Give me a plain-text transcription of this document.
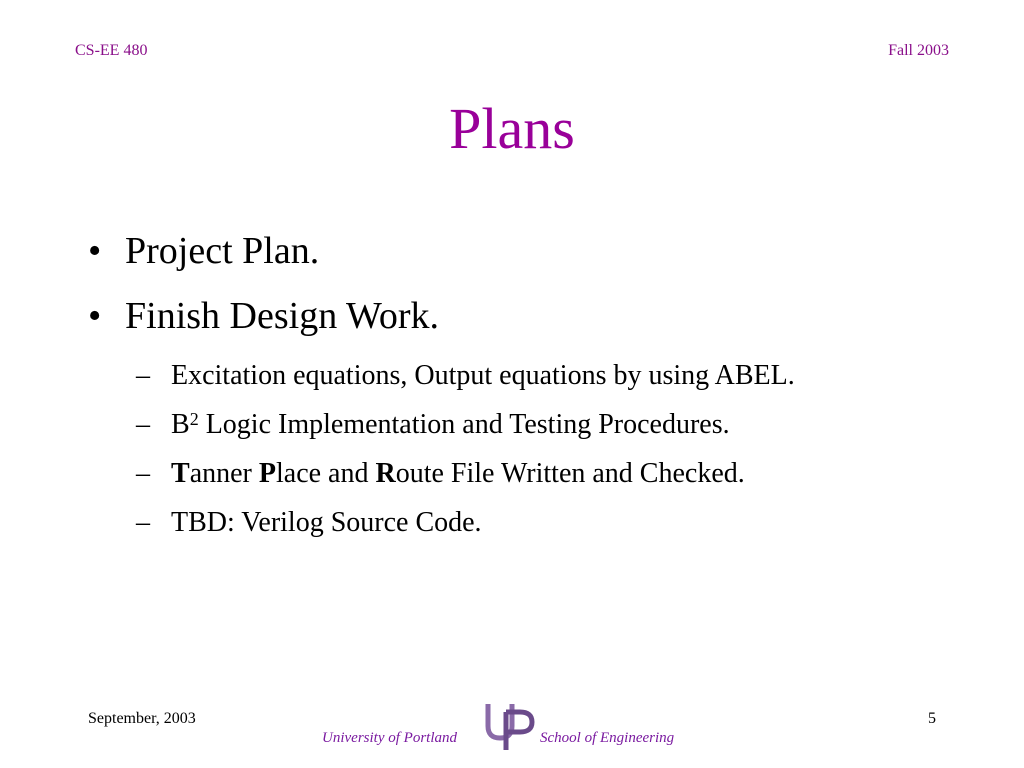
CS-EE 480	Fall 2003
Plans
• Project Plan.
• Finish Design Work.
– Excitation equations, Output equations by using ABEL.
– $B^2$ Logic Implementation and Testing Procedures.
– Tanner Place and Route File Written and Checked.
– TBD: Verilog Source Code.
September, 2003	5
University of Portland	School of Engineering
